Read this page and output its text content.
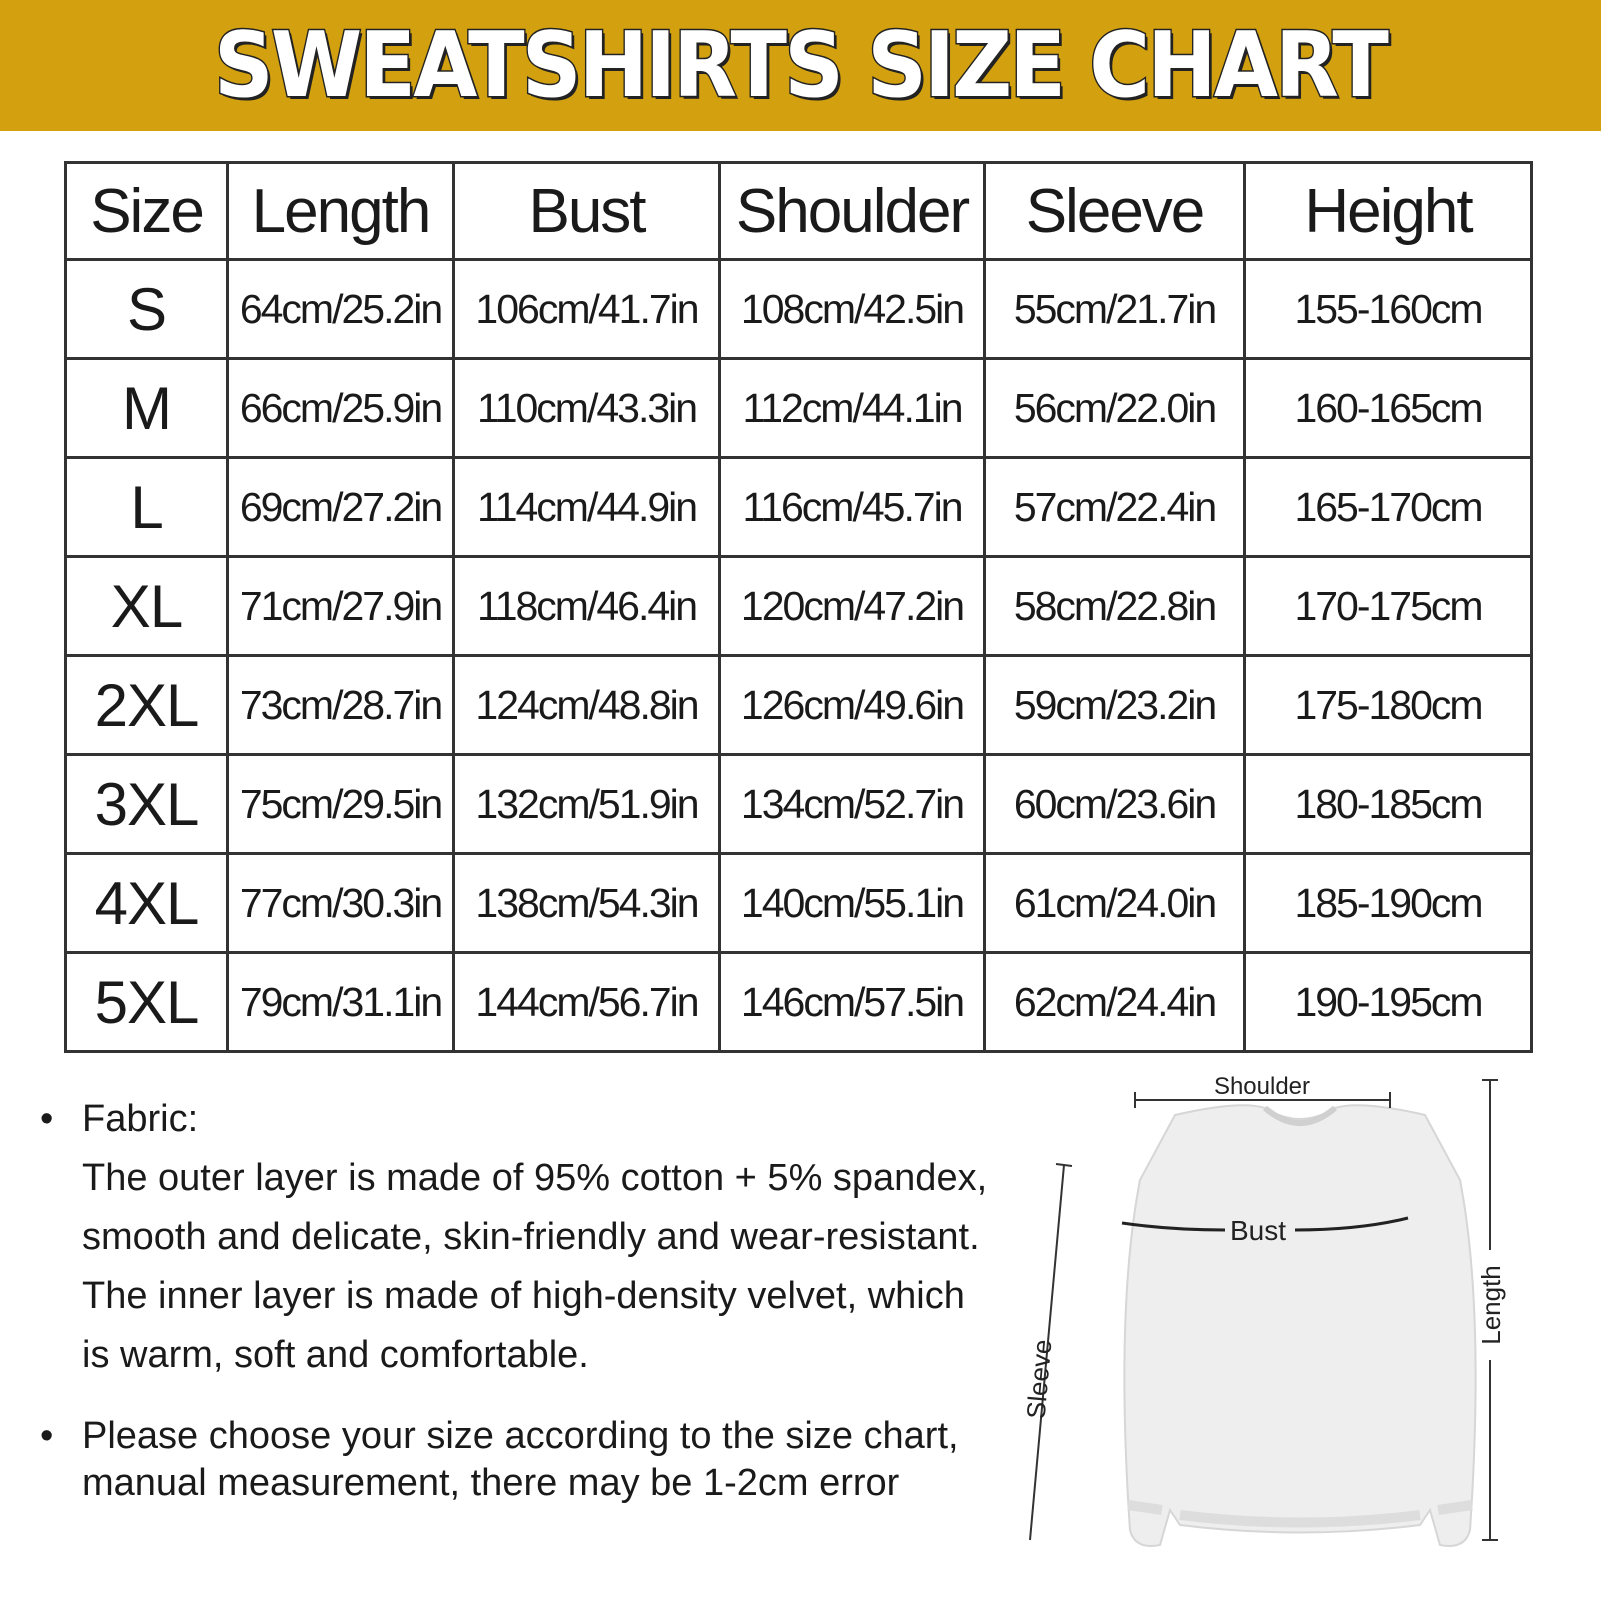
SWEATSHIRTS SIZE CHART
Size	Length	Bust	Shoulder	Sleeve	Height
S	64cm/25.2in	106cm/41.7in	108cm/42.5in	55cm/21.7in	155-160cm
M	66cm/25.9in	110cm/43.3in	112cm/44.1in	56cm/22.0in	160-165cm
L	69cm/27.2in	114cm/44.9in	116cm/45.7in	57cm/22.4in	165-170cm
XL	71cm/27.9in	118cm/46.4in	120cm/47.2in	58cm/22.8in	170-175cm
2XL	73cm/28.7in	124cm/48.8in	126cm/49.6in	59cm/23.2in	175-180cm
3XL	75cm/29.5in	132cm/51.9in	134cm/52.7in	60cm/23.6in	180-185cm
4XL	77cm/30.3in	138cm/54.3in	140cm/55.1in	61cm/24.0in	185-190cm
5XL	79cm/31.1in	144cm/56.7in	146cm/57.5in	62cm/24.4in	190-195cm
• Fabric:
The outer layer is made of 95% cotton + 5% spandex,
smooth and delicate, skin-friendly and wear-resistant.
The inner layer is made of high-density velvet, which
is warm, soft and comfortable.
• Please choose your size according to the size chart,
manual measurement, there may be 1-2cm error
Shoulder
Bust
Sleeve
Length
